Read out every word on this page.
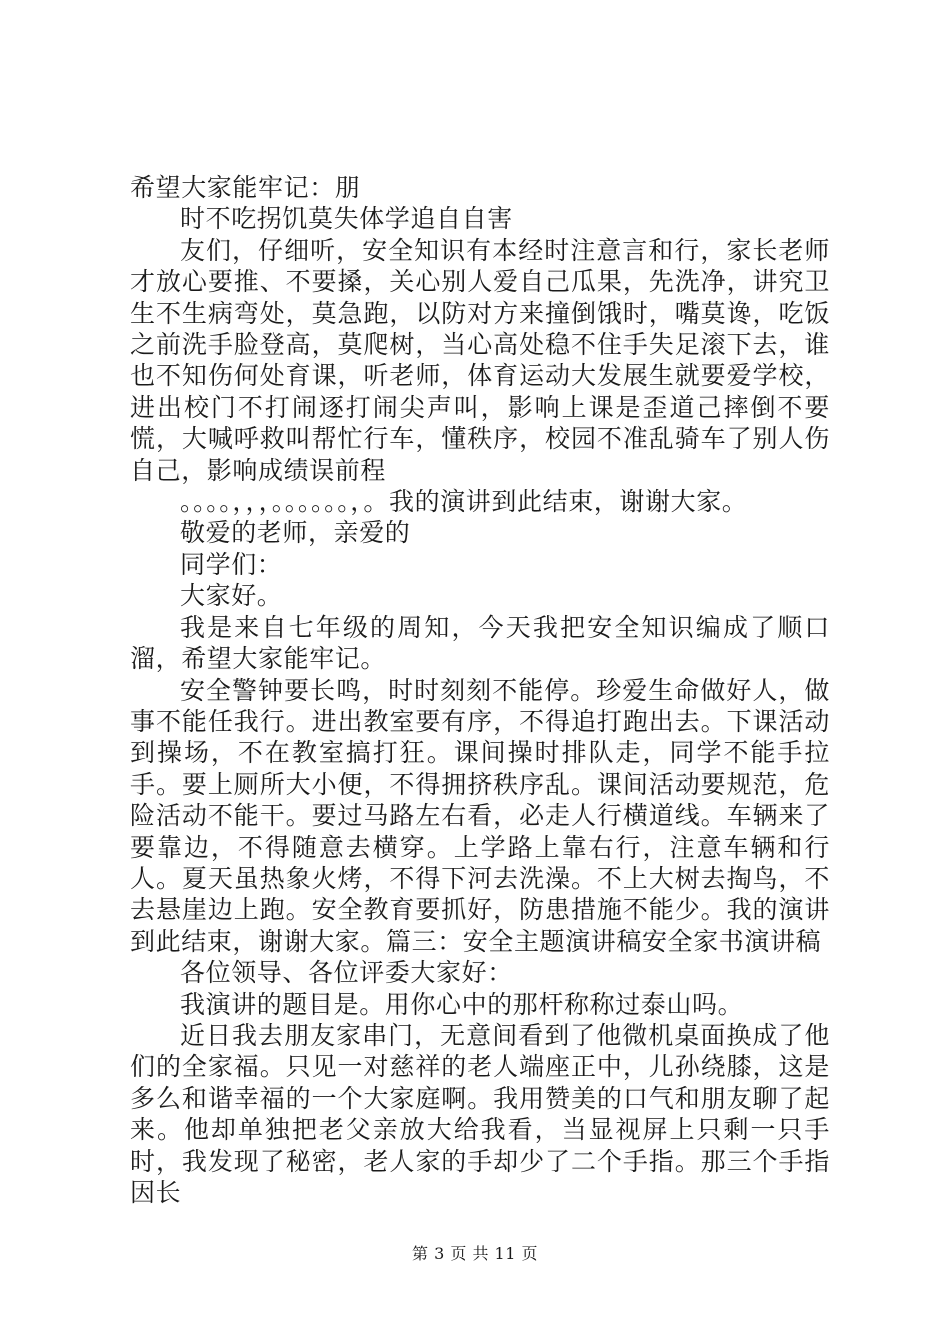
希望大家能牢记：朋

时不吃拐饥莫失体学追自自害

友们，仔细听，安全知识有本经时注意言和行，家长老师才放心要推、不要搡，关心别人爱自己瓜果，先洗净，讲究卫生不生病弯处，莫急跑，以防对方来撞倒饿时，嘴莫谗，吃饭之前洗手脸登高，莫爬树，当心高处稳不住手失足滚下去，谁也不知伤何处育课，听老师，体育运动大发展生就要爱学校，进出校门不打闹逐打闹尖声叫，影响上课是歪道己摔倒不要慌，大喊呼救叫帮忙行车，懂秩序，校园不准乱骑车了别人伤自己，影响成绩误前程

。。。。，，，。。。。。。，。我的演讲到此结束，谢谢大家。

敬爱的老师，亲爱的

同学们：

大家好。

我是来自七年级的周知，今天我把安全知识编成了顺口溜，希望大家能牢记。

安全警钟要长鸣，时时刻刻不能停。珍爱生命做好人，做事不能任我行。进出教室要有序，不得追打跑出去。下课活动到操场，不在教室搞打狂。课间操时排队走，同学不能手拉手。要上厕所大小便，不得拥挤秩序乱。课间活动要规范，危险活动不能干。要过马路左右看，必走人行横道线。车辆来了要靠边，不得随意去横穿。上学路上靠右行，注意车辆和行人。夏天虽热象火烤，不得下河去洗澡。不上大树去掏鸟，不去悬崖边上跑。安全教育要抓好，防患措施不能少。我的演讲到此结束，谢谢大家。篇三：安全主题演讲稿安全家书演讲稿

各位领导、各位评委大家好：

我演讲的题目是。用你心中的那杆称称过泰山吗。

近日我去朋友家串门，无意间看到了他微机桌面换成了他们的全家福。只见一对慈祥的老人端座正中，儿孙绕膝，这是多么和谐幸福的一个大家庭啊。我用赞美的口气和朋友聊了起来。他却单独把老父亲放大给我看，当显视屏上只剩一只手时，我发现了秘密，老人家的手却少了二个手指。那三个手指因长

第 3 页 共 11 页
